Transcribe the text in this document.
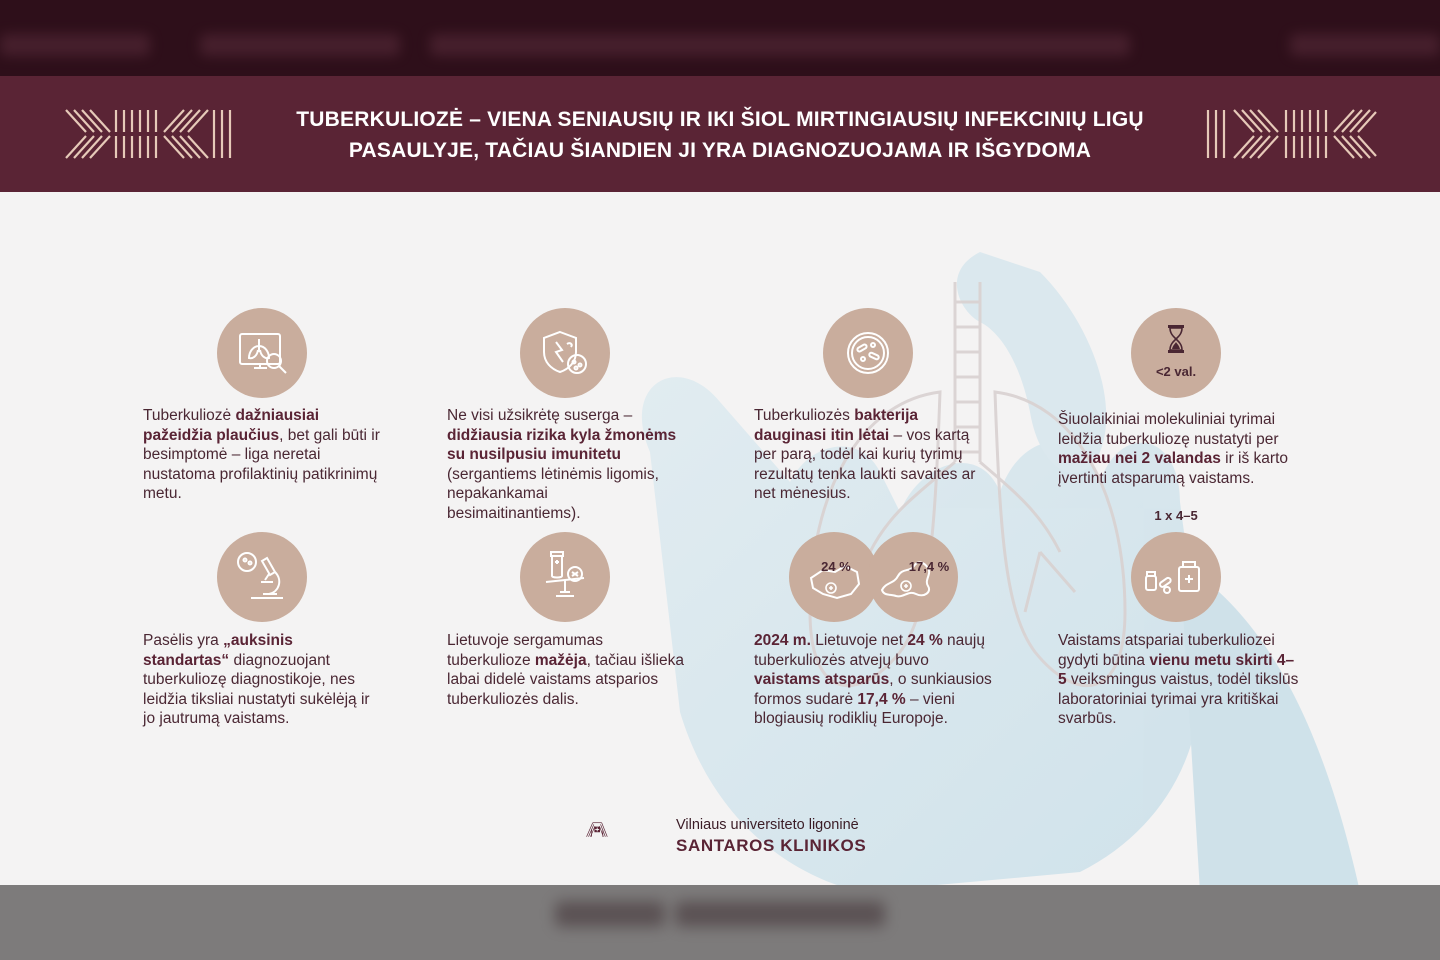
TUBERKULIOZĖ – VIENA SENIAUSIŲ IR IKI ŠIOL MIRTINGIAUSIŲ INFEKCINIŲ LIGŲ
PASAULYJE, TAČIAU ŠIANDIEN JI YRA DIAGNOZUOJAMA IR IŠGYDOMA
<2 val.

Tuberkuliozė dažniausiai pažeidžia plaučius, bet gali būti ir besimptomė – liga neretai nustatoma profilaktinių patikrinimų metu.

Ne visi užsikrėtę suserga – didžiausia rizika kyla žmonėms su nusilpusiu imunitetu (sergantiems lėtinėmis ligomis, nepakankamai besimaitinantiems).

Tuberkuliozės bakterija dauginasi itin lėtai – vos kartą per parą, todėl kai kurių tyrimų rezultatų tenka laukti savaites ar net mėnesius.

Šiuolaikiniai molekuliniai tyrimai leidžia tuberkuliozę nustatyti per mažiau nei 2 valandas ir iš karto įvertinti atsparumą vaistams.

24 %	17,4 %
1 x 4–5

Pasėlis yra „auksinis standartas“ diagnozuojant tuberkuliozę diagnostikoje, nes leidžia tiksliai nustatyti sukėlėją ir jo jautrumą vaistams.

Lietuvoje sergamumas tuberkulioze mažėja, tačiau išlieka labai didelė vaistams atsparios tuberkuliozės dalis.

2024 m. Lietuvoje net 24 % naujų tuberkuliozės atvejų buvo vaistams atsparūs, o sunkiausios formos sudarė 17,4 % – vieni blogiausių rodiklių Europoje.

Vaistams atspariai tuberkuliozei gydyti būtina vienu metu skirti 4–5 veiksmingus vaistus, todėl tikslūs laboratoriniai tyrimai yra kritiškai svarbūs.

Vilniaus universiteto ligoninė
SANTAROS KLINIKOS
